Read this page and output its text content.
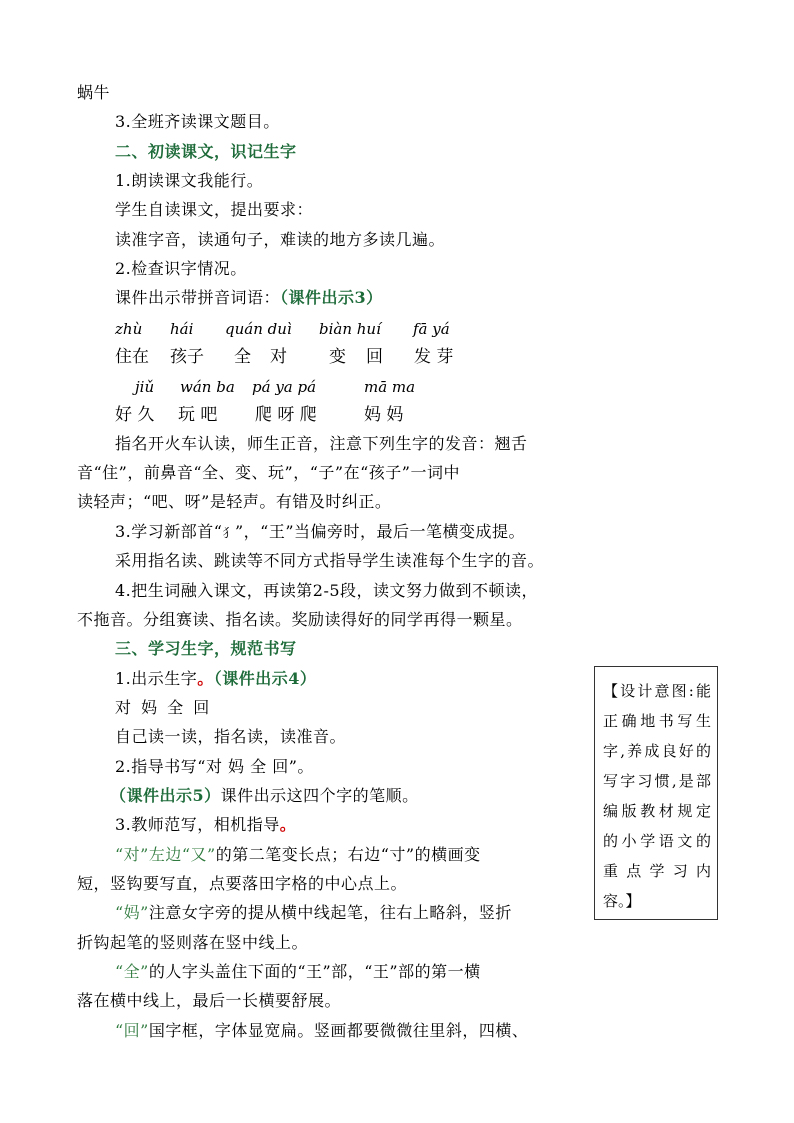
蜗牛
3.全班齐读课文题目。
二、初读课文，识记生字
1.朗读课文我能行。
学生自读课文，提出要求：
读准字音，读通句子，难读的地方多读几遍。
2.检查识字情况。
课件出示带拼音词语：（课件出示3）
zhù hái quán duì biàn huí fā yá
住在 孩子 全 对 变 回 发 芽
jiǔ wán ba pá ya pá	mā ma
好 久 玩 吧 爬 呀 爬	妈 妈
指名开火车认读，师生正音，注意下列生字的发音：翘舌
音“住”，前鼻音“全、变、玩”，“子”在“孩子”一词中
读轻声；“吧、呀”是轻声。有错及时纠正。
3.学习新部首“犭”，“王”当偏旁时，最后一笔横变成提。
采用指名读、跳读等不同方式指导学生读准每个生字的音。
4.把生词融入课文，再读第2-5段，读文努力做到不顿读，
不拖音。分组赛读、指名读。奖励读得好的同学再得一颗星。
三、学习生字，规范书写
1.出示生字。（课件出示4）
对 妈 全 回
自己读一读，指名读，读准音。
2.指导书写“对 妈 全 回”。
（课件出示5）课件出示这四个字的笔顺。
3.教师范写，相机指导。
“对”左边“又”的第二笔变长点；右边“寸”的横画变
短，竖钩要写直，点要落田字格的中心点上。
“妈”注意女字旁的提从横中线起笔，往右上略斜，竖折
折钩起笔的竖则落在竖中线上。
“全”的人字头盖住下面的“王”部，“王”部的第一横
落在横中线上，最后一长横要舒展。
“回”国字框，字体显宽扁。竖画都要微微往里斜，四横、

【设计意图:能

正确地书写生

字,养成良好的

写字习惯,是部

编版教材规定

的小学语文的

重 点 学 习 内

容。】
